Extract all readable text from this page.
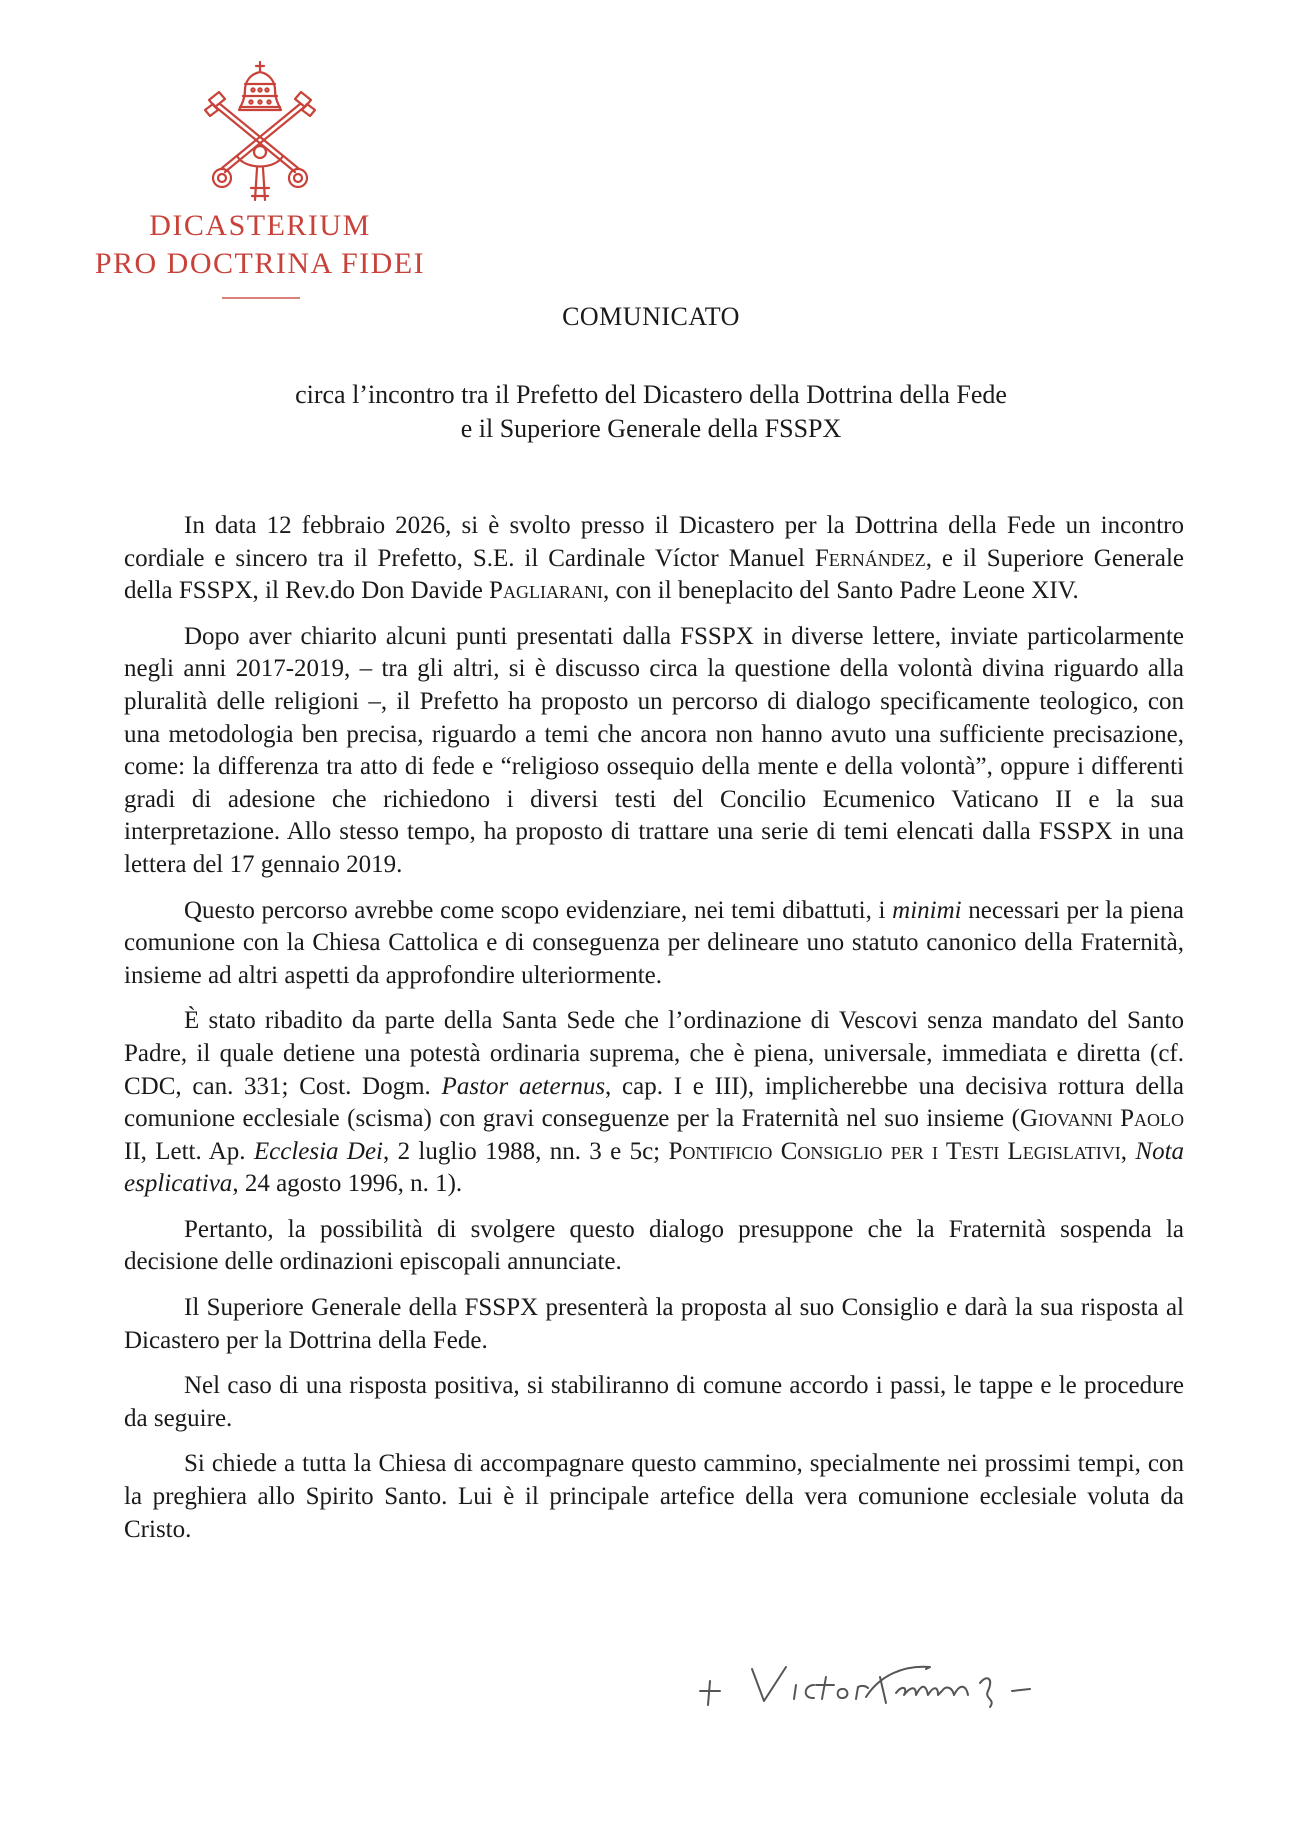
DICASTERIUM
PRO DOCTRINA FIDEI
COMUNICATO
circa l’incontro tra il Prefetto del Dicastero della Dottrina della Fede
e il Superiore Generale della FSSPX

In data 12 febbraio 2026, si è svolto presso il Dicastero per la Dottrina della Fede un incontro cordiale e sincero tra il Prefetto, S.E. il Cardinale Víctor Manuel Fernández, e il Superiore Generale della FSSPX, il Rev.do Don Davide Pagliarani, con il beneplacito del Santo Padre Leone XIV.

Dopo aver chiarito alcuni punti presentati dalla FSSPX in diverse lettere, inviate particolarmente negli anni 2017-2019, – tra gli altri, si è discusso circa la questione della volontà divina riguardo alla pluralità delle religioni –, il Prefetto ha proposto un percorso di dialogo specificamente teologico, con una metodologia ben precisa, riguardo a temi che ancora non hanno avuto una sufficiente precisazione, come: la differenza tra atto di fede e “religioso ossequio della mente e della volontà”, oppure i differenti gradi di adesione che richiedono i diversi testi del Concilio Ecumenico Vaticano II e la sua interpretazione. Allo stesso tempo, ha proposto di trattare una serie di temi elencati dalla FSSPX in una lettera del 17 gennaio 2019.

Questo percorso avrebbe come scopo evidenziare, nei temi dibattuti, i minimi necessari per la piena comunione con la Chiesa Cattolica e di conseguenza per delineare uno statuto canonico della Fraternità, insieme ad altri aspetti da approfondire ulteriormente.

È stato ribadito da parte della Santa Sede che l’ordinazione di Vescovi senza mandato del Santo Padre, il quale detiene una potestà ordinaria suprema, che è piena, universale, immediata e diretta (cf. CDC, can. 331; Cost. Dogm. Pastor aeternus, cap. I e III), implicherebbe una decisiva rottura della comunione ecclesiale (scisma) con gravi conseguenze per la Fraternità nel suo insieme (Giovanni Paolo II, Lett. Ap. Ecclesia Dei, 2 luglio 1988, nn. 3 e 5c; Pontificio Consiglio per i Testi Legislativi, Nota esplicativa, 24 agosto 1996, n. 1).

Pertanto, la possibilità di svolgere questo dialogo presuppone che la Fraternità sospenda la decisione delle ordinazioni episcopali annunciate.

Il Superiore Generale della FSSPX presenterà la proposta al suo Consiglio e darà la sua risposta al Dicastero per la Dottrina della Fede.

Nel caso di una risposta positiva, si stabiliranno di comune accordo i passi, le tappe e le procedure da seguire.

Si chiede a tutta la Chiesa di accompagnare questo cammino, specialmente nei prossimi tempi, con la preghiera allo Spirito Santo. Lui è il principale artefice della vera comunione ecclesiale voluta da Cristo.
